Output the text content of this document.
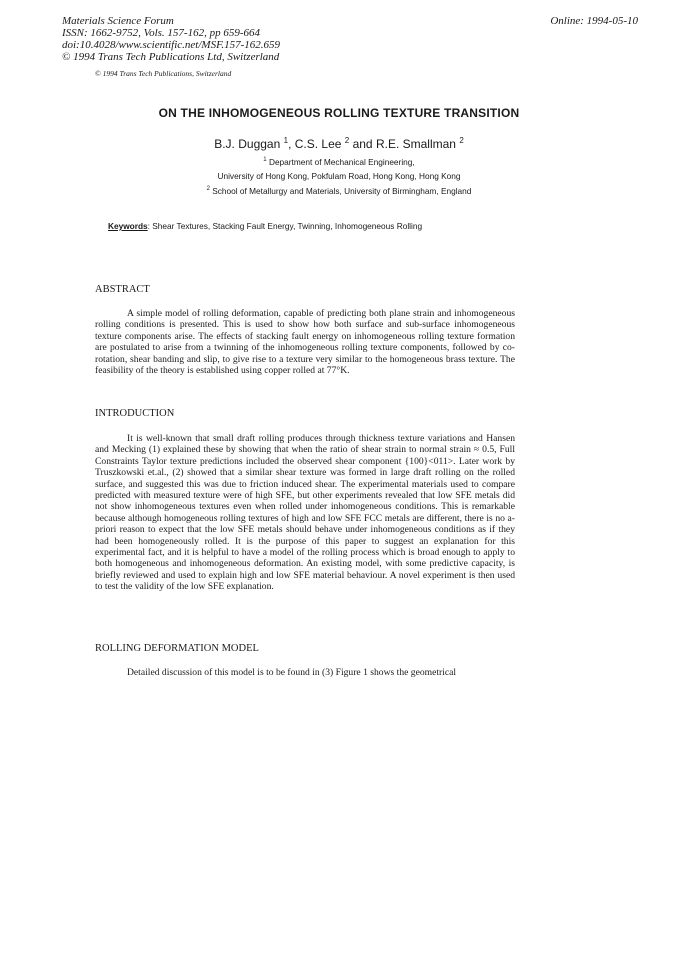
Materials Science Forum
ISSN: 1662-9752, Vols. 157-162, pp 659-664
doi:10.4028/www.scientific.net/MSF.157-162.659
© 1994 Trans Tech Publications Ltd, Switzerland
Online: 1994-05-10
© 1994 Trans Tech Publications, Switzerland
ON THE INHOMOGENEOUS ROLLING TEXTURE TRANSITION
B.J. Duggan $^1$, C.S. Lee $^2$ and R.E. Smallman $^2$
$^1$ Department of Mechanical Engineering,
University of Hong Kong, Pokfulam Road, Hong Kong, Hong Kong
$^2$ School of Metallurgy and Materials, University of Birmingham, England
Keywords: Shear Textures, Stacking Fault Energy, Twinning, Inhomogeneous Rolling
ABSTRACT

A simple model of rolling deformation, capable of predicting both plane strain and inhomogeneous rolling conditions is presented. This is used to show how both surface and sub-surface inhomogeneous texture components arise. The effects of stacking fault energy on inhomogeneous rolling texture formation are postulated to arise from a twinning of the inhomogeneous rolling texture components, followed by co-rotation, shear banding and slip, to give rise to a texture very similar to the homogeneous brass texture. The feasibility of the theory is established using copper rolled at 77°K.

INTRODUCTION

It is well-known that small draft rolling produces through thickness texture variations and Hansen and Mecking (1) explained these by showing that when the ratio of shear strain to normal strain ≈ 0.5, Full Constraints Taylor texture predictions included the observed shear component {100}<011>. Later work by Truszkowski et.al., (2) showed that a similar shear texture was formed in large draft rolling on the rolled surface, and suggested this was due to friction induced shear. The experimental materials used to compare predicted with measured texture were of high SFE, but other experiments revealed that low SFE metals did not show inhomogeneous textures even when rolled under inhomogeneous conditions. This is remarkable because although homogeneous rolling textures of high and low SFE FCC metals are different, there is no a-priori reason to expect that the low SFE metals should behave under inhomogeneous conditions as if they had been homogeneously rolled. It is the purpose of this paper to suggest an explanation for this experimental fact, and it is helpful to have a model of the rolling process which is broad enough to apply to both homogeneous and inhomogeneous deformation. An existing model, with some predictive capacity, is briefly reviewed and used to explain high and low SFE material behaviour. A novel experiment is then used to test the validity of the low SFE explanation.

ROLLING DEFORMATION MODEL

Detailed discussion of this model is to be found in (3) Figure 1 shows the geometrical
